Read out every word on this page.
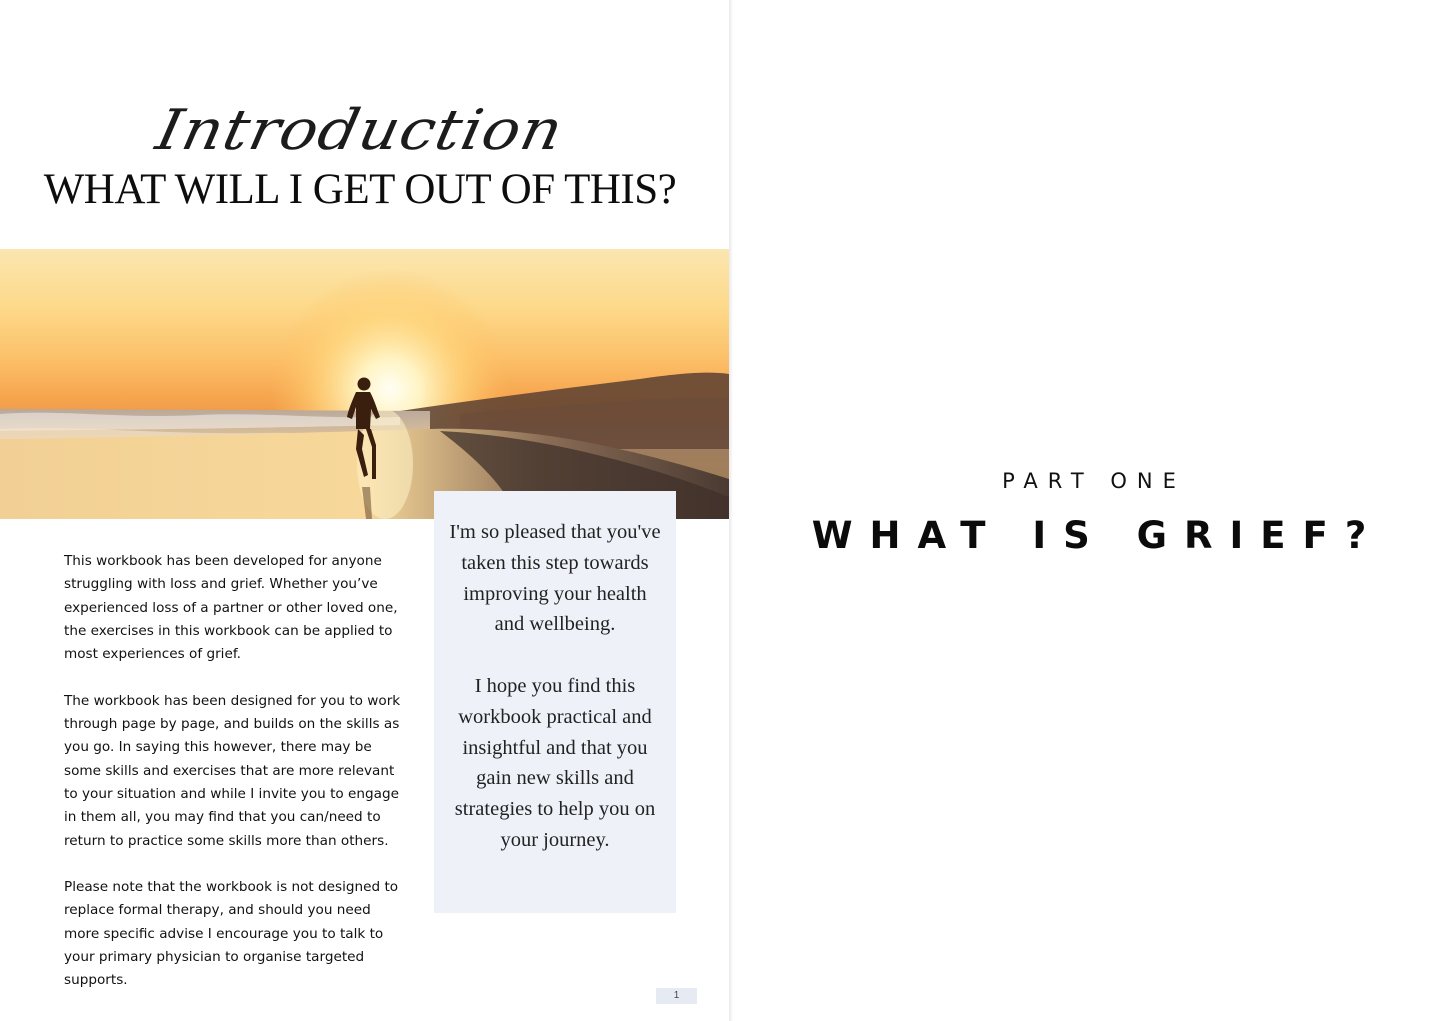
Introduction
WHAT WILL I GET OUT OF THIS?

This workbook has been developed for anyone struggling with loss and grief. Whether you’ve experienced loss of a partner or other loved one, the exercises in this workbook can be applied to most experiences of grief.

The workbook has been designed for you to work through page by page, and builds on the skills as you go. In saying this however, there may be some skills and exercises that are more relevant to your situation and while I invite you to engage in them all, you may find that you can/need to return to practice some skills more than others.

Please note that the workbook is not designed to replace formal therapy, and should you need more specific advise I encourage you to talk to your primary physician to organise targeted supports.

I'm so pleased that you've taken this step towards improving your health and wellbeing.

I hope you find this workbook practical and insightful and that you gain new skills and strategies to help you on your journey.

1
PART ONE
WHAT IS GRIEF?
